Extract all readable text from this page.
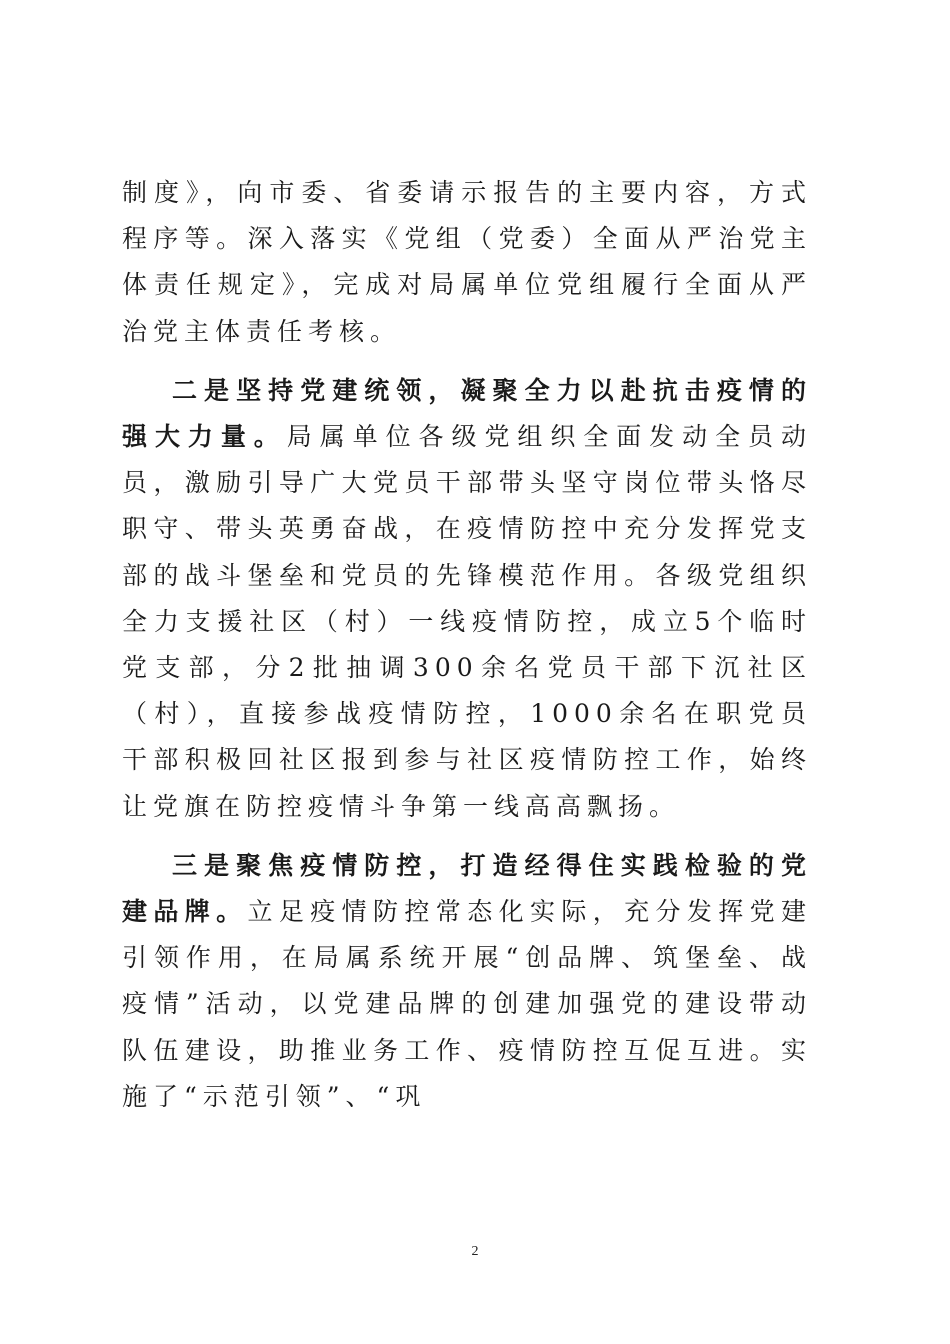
制度》，向市委、省委请示报告的主要内容，方式程序等。深入落实《党组（党委）全面从严治党主体责任规定》，完成对局属单位党组履行全面从严治党主体责任考核。

二是坚持党建统领，凝聚全力以赴抗击疫情的强大力量。局属单位各级党组织全面发动全员动员，激励引导广大党员干部带头坚守岗位带头恪尽职守、带头英勇奋战，在疫情防控中充分发挥党支部的战斗堡垒和党员的先锋模范作用。各级党组织全力支援社区（村）一线疫情防控，成立5个临时党支部，分2批抽调300余名党员干部下沉社区（村），直接参战疫情防控，1000余名在职党员干部积极回社区报到参与社区疫情防控工作，始终让党旗在防控疫情斗争第一线高高飘扬。

三是聚焦疫情防控，打造经得住实践检验的党建品牌。立足疫情防控常态化实际，充分发挥党建引领作用，在局属系统开展“创品牌、筑堡垒、战疫情”活动，以党建品牌的创建加强党的建设带动队伍建设，助推业务工作、疫情防控互促互进。实施了“示范引领”、“巩

2
